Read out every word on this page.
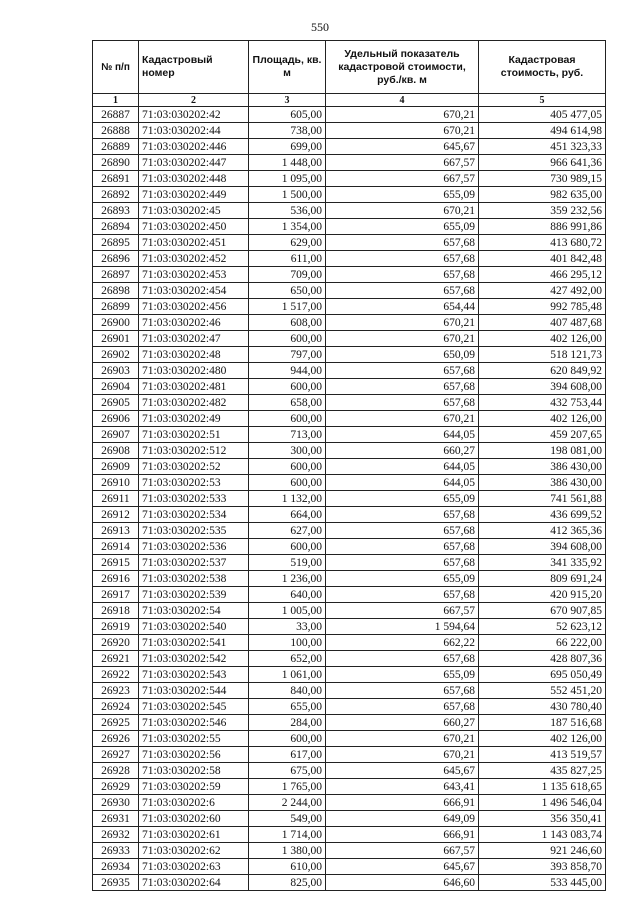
550
№ п/п	Кадастровый номер	Площадь, кв. м	Удельный показатель кадастровой стоимости, руб./кв. м	Кадастровая стоимость, руб.
1	2	3	4	5
26887	71:03:030202:42	605,00	670,21	405 477,05
26888	71:03:030202:44	738,00	670,21	494 614,98
26889	71:03:030202:446	699,00	645,67	451 323,33
26890	71:03:030202:447	1 448,00	667,57	966 641,36
26891	71:03:030202:448	1 095,00	667,57	730 989,15
26892	71:03:030202:449	1 500,00	655,09	982 635,00
26893	71:03:030202:45	536,00	670,21	359 232,56
26894	71:03:030202:450	1 354,00	655,09	886 991,86
26895	71:03:030202:451	629,00	657,68	413 680,72
26896	71:03:030202:452	611,00	657,68	401 842,48
26897	71:03:030202:453	709,00	657,68	466 295,12
26898	71:03:030202:454	650,00	657,68	427 492,00
26899	71:03:030202:456	1 517,00	654,44	992 785,48
26900	71:03:030202:46	608,00	670,21	407 487,68
26901	71:03:030202:47	600,00	670,21	402 126,00
26902	71:03:030202:48	797,00	650,09	518 121,73
26903	71:03:030202:480	944,00	657,68	620 849,92
26904	71:03:030202:481	600,00	657,68	394 608,00
26905	71:03:030202:482	658,00	657,68	432 753,44
26906	71:03:030202:49	600,00	670,21	402 126,00
26907	71:03:030202:51	713,00	644,05	459 207,65
26908	71:03:030202:512	300,00	660,27	198 081,00
26909	71:03:030202:52	600,00	644,05	386 430,00
26910	71:03:030202:53	600,00	644,05	386 430,00
26911	71:03:030202:533	1 132,00	655,09	741 561,88
26912	71:03:030202:534	664,00	657,68	436 699,52
26913	71:03:030202:535	627,00	657,68	412 365,36
26914	71:03:030202:536	600,00	657,68	394 608,00
26915	71:03:030202:537	519,00	657,68	341 335,92
26916	71:03:030202:538	1 236,00	655,09	809 691,24
26917	71:03:030202:539	640,00	657,68	420 915,20
26918	71:03:030202:54	1 005,00	667,57	670 907,85
26919	71:03:030202:540	33,00	1 594,64	52 623,12
26920	71:03:030202:541	100,00	662,22	66 222,00
26921	71:03:030202:542	652,00	657,68	428 807,36
26922	71:03:030202:543	1 061,00	655,09	695 050,49
26923	71:03:030202:544	840,00	657,68	552 451,20
26924	71:03:030202:545	655,00	657,68	430 780,40
26925	71:03:030202:546	284,00	660,27	187 516,68
26926	71:03:030202:55	600,00	670,21	402 126,00
26927	71:03:030202:56	617,00	670,21	413 519,57
26928	71:03:030202:58	675,00	645,67	435 827,25
26929	71:03:030202:59	1 765,00	643,41	1 135 618,65
26930	71:03:030202:6	2 244,00	666,91	1 496 546,04
26931	71:03:030202:60	549,00	649,09	356 350,41
26932	71:03:030202:61	1 714,00	666,91	1 143 083,74
26933	71:03:030202:62	1 380,00	667,57	921 246,60
26934	71:03:030202:63	610,00	645,67	393 858,70
26935	71:03:030202:64	825,00	646,60	533 445,00
